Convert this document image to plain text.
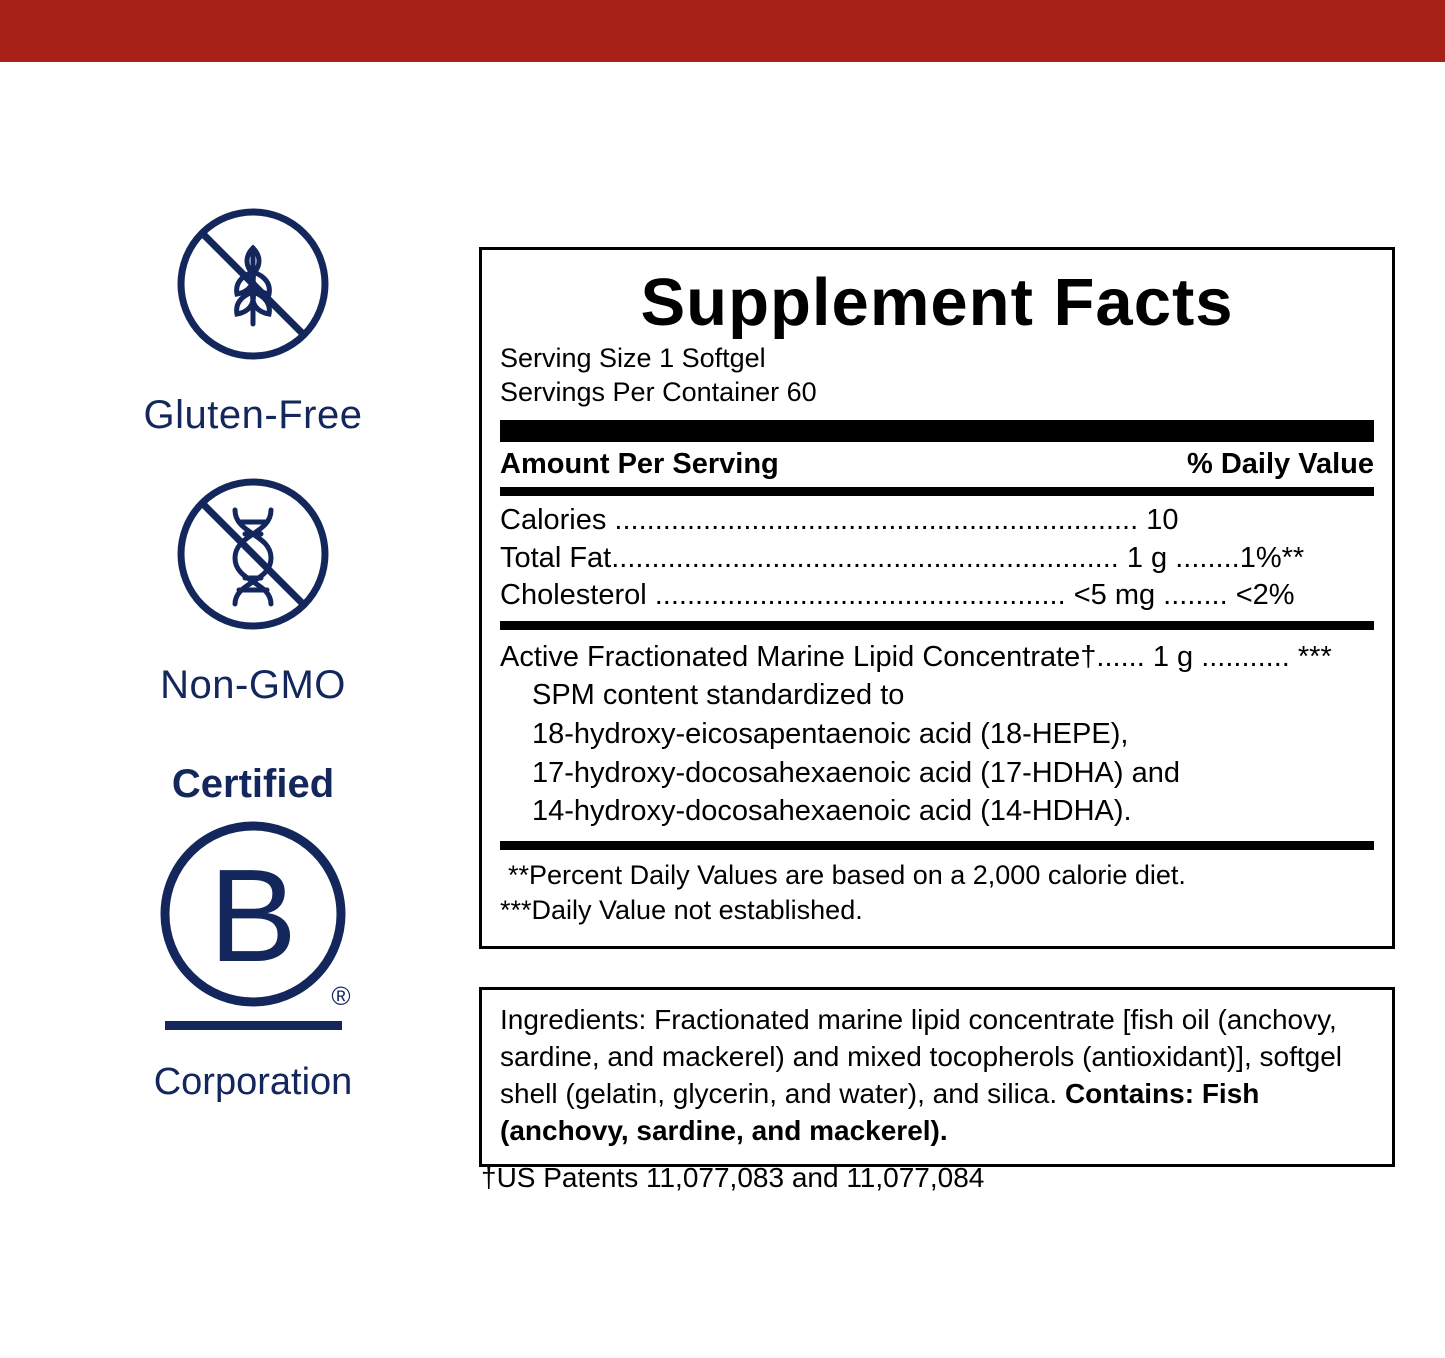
Gluten-Free
Non-GMO
Certified
B
®
Corporation
Supplement Facts
Serving Size 1 Softgel
Servings Per Container 60
Amount Per Serving	% Daily Value
Calories ................................................................. 10
Total Fat............................................................... 1 g ........1%**
Cholesterol ................................................... <5 mg ........ <2%
Active Fractionated Marine Lipid Concentrate†...... 1 g ........... ***
SPM content standardized to
18-hydroxy-eicosapentaenoic acid (18-HEPE),
17-hydroxy-docosahexaenoic acid (17-HDHA) and
14-hydroxy-docosahexaenoic acid (14-HDHA).
**Percent Daily Values are based on a 2,000 calorie diet.
***Daily Value not established.
Ingredients: Fractionated marine lipid concentrate [fish oil (anchovy, sardine, and mackerel) and mixed tocopherols (antioxidant)], softgel shell (gelatin, glycerin, and water), and silica. Contains: Fish (anchovy, sardine, and mackerel).
†US Patents 11,077,083 and 11,077,084
